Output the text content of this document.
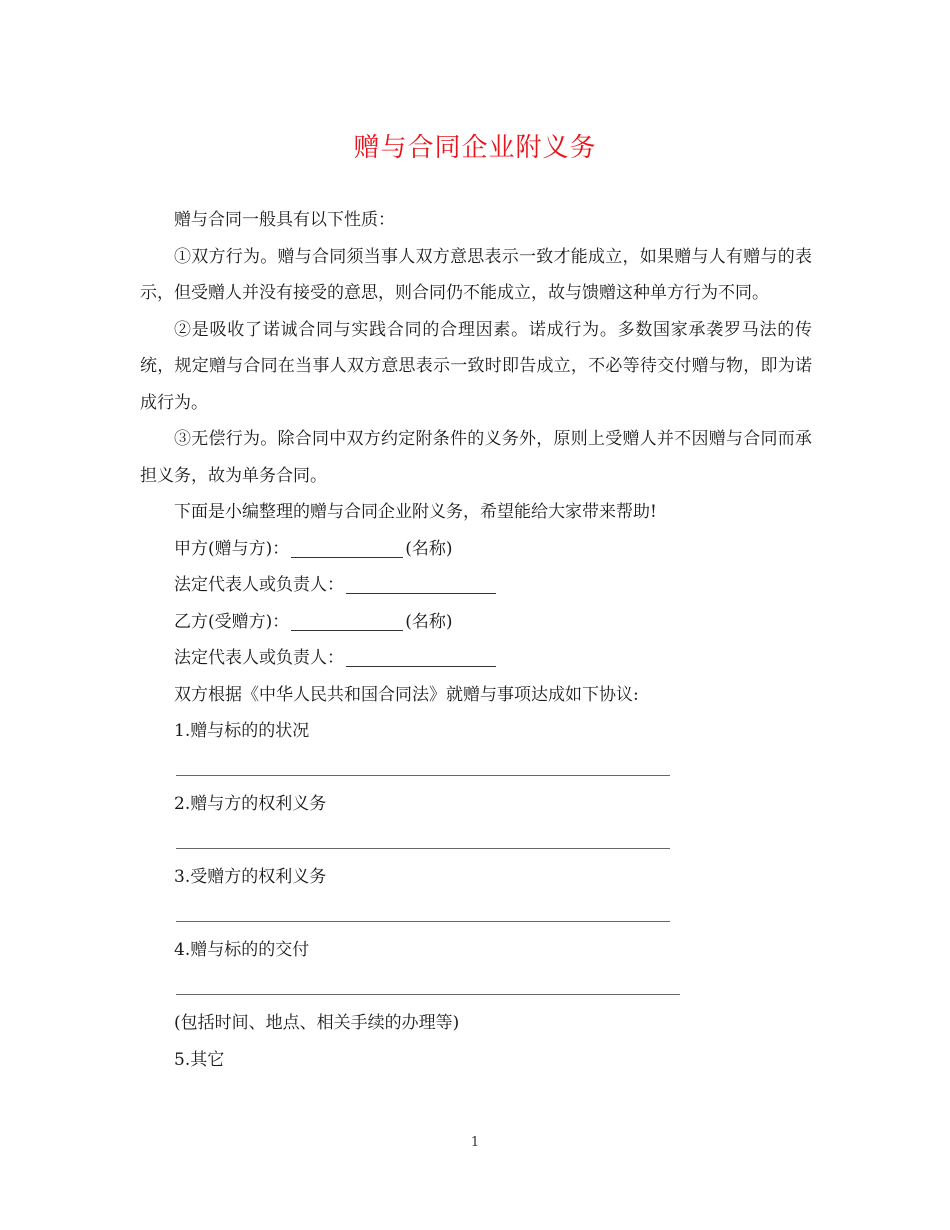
赠与合同企业附义务

赠与合同一般具有以下性质：

①双方行为。赠与合同须当事人双方意思表示一致才能成立，如果赠与人有赠与的表示，但受赠人并没有接受的意思，则合同仍不能成立，故与馈赠这种单方行为不同。

②是吸收了诺诚合同与实践合同的合理因素。诺成行为。多数国家承袭罗马法的传统，规定赠与合同在当事人双方意思表示一致时即告成立，不必等待交付赠与物，即为诺成行为。

③无偿行为。除合同中双方约定附条件的义务外，原则上受赠人并不因赠与合同而承担义务，故为单务合同。

下面是小编整理的赠与合同企业附义务，希望能给大家带来帮助!

甲方(赠与方)：	(名称)
法定代表人或负责人：
乙方(受赠方)：	(名称)
法定代表人或负责人：
双方根据《中华人民共和国合同法》就赠与事项达成如下协议:
1.赠与标的的状况
2.赠与方的权利义务
3.受赠方的权利义务
4.赠与标的的交付
(包括时间、地点、相关手续的办理等)
5.其它
1
